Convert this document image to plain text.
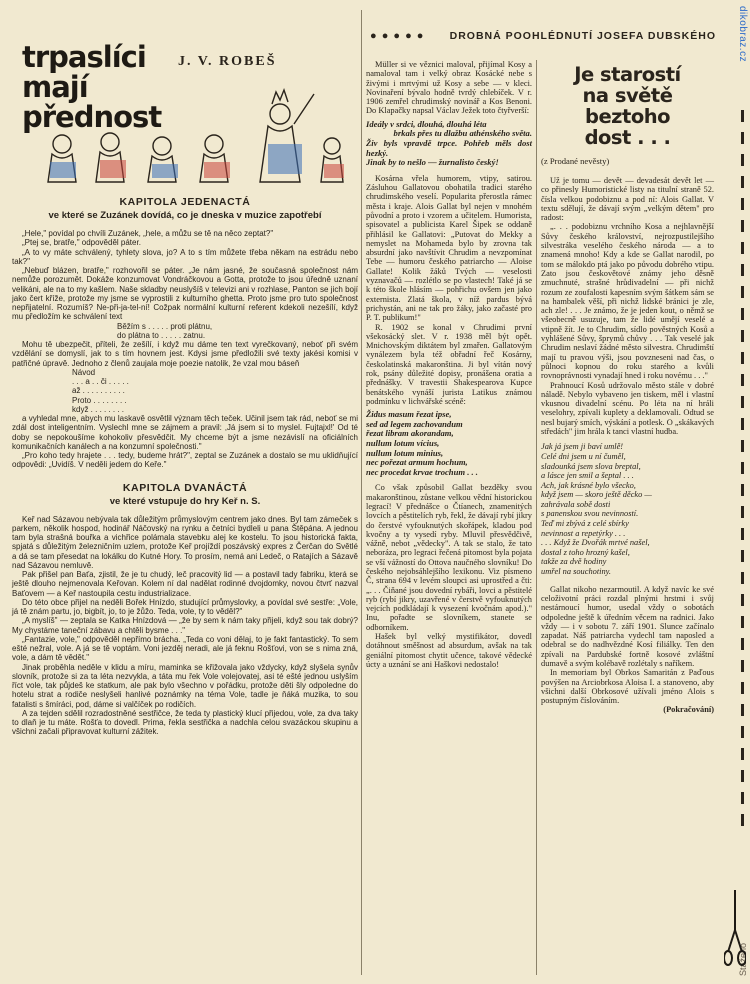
trpaslíci
mají přednost
J. V. ROBEŠ
KAPITOLA JEDENACTÁ
ve které se Zuzánek dovídá, co je dneska v muzice zapotřebí

„Hele," povídal po chvíli Zuzánek, „hele, a můžu se tě na něco zeptat?"

„Ptej se, bratře," odpověděl páter.

„A to vy máte schválený, tyhlety slova, jo? A to s tím můžete třeba někam na estrádu nebo tak?"

„Nebuď blázen, bratře," rozhovořil se páter. „Je nám jasné, že současná společnost nám nemůže porozumět. Dokáže konzumovat Vondráčkovou a Gotta, protože to jsou úředně uznaní velikáni, ale na to my kašlem. Naše skladby neuslyšíš v televizi ani v rozhlase, Panton se jich bojí jako čert kříže, protože my jsme se vyprostili z kulturního ghetta. Proto jsme pro tuto společnost nepřijatelní. Rozumíš? Ne-při-ja-tel-ní! Cožpak normální kulturní referent kdekoli nezešílí, když mu předložím ke schválení text

Běžím s . . . . . proti plátnu,
do plátna to . . . . . zatnu.

Mohu tě ubezpečit, příteli, že zešílí, i když mu dáme ten text vyrečkovaný, neboť při svém vzdělání se domyslí, jak to s tím hovnem jest. Kdysi jsme předložili své texty jakési komisi v patřičné úpravě. Jednoho z členů zaujala moje poezie natolik, že vzal mou báseň

Návod
. . . a . . či . . . . .
až . . . . . . . . . .
Proto . . . . . . . .
když . . . . . . . .

a vyhledal mne, abych mu laskavě osvětlil význam těch teček. Učinil jsem tak rád, neboť se mi zdál dost inteligentním. Vyslechl mne se zájmem a pravil: ‚Já jsem si to myslel. Fujtajxl!' Od té doby se nepokoušíme kohokoliv přesvědčit. My chceme být a jsme nezávislí na oficiálních komunikačních kanálech a na konzumní společnosti."

„Pro koho tedy hrajete . . . tedy, budeme hrát?", zeptal se Zuzánek a dostalo se mu uklidňující odpovědi: „Uvidíš. V neděli jedem do Keře."

KAPITOLA DVANÁCTÁ
ve které vstupuje do hry Keř n. S.

Keř nad Sázavou nebývala tak důležitým průmyslovým centrem jako dnes. Byl tam zámeček s parkem, několik hospod, hodinář Náčovský na rynku a četníci bydleli u pana Štěpána. A jednou tam byla strašná bouřka a vichřice polámala stavebku alej ke kostelu. To jsou historická fakta, spjatá s důležitým železničním uzlem, protože Keř projíždí poszávský expres z Čerčan do Světlé a dá se tam přesedat na lokálku do Kutné Hory. To prosím, nemá ani Ledeč, o Ratajích a Sázavě nad Sázavou nemluvě.

Pak přišel pan Baťa, zjistil, že je tu chudý, leč pracovitý lid — a postavil tady fabriku, která se ještě dlouho nejmenovala Keřovan. Kolem ní dal nadělat rodinné dvojdomky, novou čtvrť nazval Baťovem — a Keř nastoupila cestu industrializace.

Do této obce přijel na neděli Bořek Hnízdo, studující průmyslovky, a povídal své sestře: „Vole, já tě znám partu, jo, bigbít, jo, to je žůžo. Teda, vole, ty to věděl?"

„A myslíš" — zeptala se Katka Hnízdová — „že by sem k nám taky přijeli, když sou tak dobrý? My chystáme taneční zábavu a chtěli bysme . . ."

„Fantazie, vole," odpověděl nepřímo brácha. „Teda co voni dělaj, to je fakt fantastický. To sem ešté nežral, vole. A já se tě voptám. Voni jezděj neradi, ale já feknu Rošťovi, von se s nima zná, vole, a dám tě vědět."

Jinak proběhla neděle v klidu a míru, maminka se křižovala jako vždycky, když slyšela synův slovník, protože si za ta léta nezvykla, a táta mu řek Vole volejovatej, asi té ešté jednou uslyším říct vole, tak půjdeš ke statkum, ale pak bylo všechno v pořádku, protože děti šly odpoledne do hotelu strat a rodiče neslyšeli hanlivé poznámky na téma Vole, tadle je ňáká muzika, to sou fatalisti s šmíráci, pod, dáme si valčíček po rodičích.

A za tejden sdělil rozradostněné sestřičce, že teda ty plastický klucí přijedou, vole, za dva taky to dlaň je tu máte. Rošťa to dovedl. Prima, řekla sestřička a nadchla celou svazáckou skupinu a všichni začali připravovat kulturní zážitek.

● ● ● ● ● DROBNÁ POOHLÉDNUTÍ JOSEFA DUBSKÉHO

Müller si ve věznici maloval, přijímal Kosy a namaloval tam i velký obraz Kosácké nebe s živými i mrtvými už Kosy a sebe — v kleci. Novinaření bývalo hodně tvrdý chlebíček. V r. 1906 zemřel chrudimský novinář a Kos Benoni. Do Klapačky napsal Václav Ježek toto čtyřverší:

Ideály v srdci, dlouhá, dlouhá léta
brkals přes tu dlažbu athénského světa.
Živ byls vpravdě trpce. Pohřeb měls dost hezký.
Jinak by to nešlo — žurnalisto český!

Kosárna vřela humorem, vtipy, satirou. Zásluhou Gallatovou obohatila tradici starého chrudimského veselí. Popularita přerostla rámec města i kraje. Alois Gallat byl nejen v mnohém původní a proto i vzorem a učitelem. Humorista, spisovatel a publicista Karel Šipek se oddaně přihlásil ke Gallatovi: „Putovat do Mekky a nemyslet na Mohameda bylo by zrovna tak absurdní jako navštívit Chrudim a nevzpomínat Tebe — humoru českého patriarcho — Aloise Gallate! Kolik žáků Tvých — veselosti vyznavačů — rozlétlo se po vlastech! Také já se k této škole hlásím — pohřichu ovšem jen jako externista. Zlatá škola, v níž pardus bývá prichystán, ani ne tak pro žáky, jako začasté pro P. T. publikum!"

R. 1902 se konal v Chrudimi první všekosácký slet. V r. 1938 měl být opět. Mnichovským diktátem byl zmařen. Gallatovým vynálezem byla též obřadní řeč Kosárny, českolatinská makaronština. Ji byl vítán nový rok, psány důležité dopisy, pronášena oratia a přednášky. V travestii Shakespearova Kupce benátského vynáší jurista Latikus známou podmínku v lichvářské scéně:

Židus masum řezat ipse,
sed ad legem zachovandum
řezat libram akorandam,
nullum lotum vícius,
nullum lotum minius,
nec pořezat armum hochum,
nec procedat krvae trochum . . .

Co však způsobil Gallat bezděky svou makaronštinou, zůstane velkou vědní historickou legrací! V přednášce o Čtíanech, znamenitých lovcích a pěstitelích ryb, řekl, že dávají rybí jikry do čerstvé vyfouknutých skořápek, kladou pod kvočny a ty vysedí ryby. Mluvil přesvědčivě, vážně, nebot „vědecky". A tak se stalo, že tato neboráza, pro legraci řečená pitomost byla pojata se vší vážností do Ottova naučného slovníku! Do českého nejobsáhlejšího lexikonu. Viz písmeno Č, strana 694 v levém sloupci asi uprostřed a čti: „. . . Čiňané jsou dovední rybáři, lovci a pěstitelé ryb (rybí jikry, uzavřené v čerstvě vyfouknutých vejcích podkládají k vysezení kvočnám apod.)." Inu, pořadte se slovníkem, stanete se odborníkem.

Hašek byl velký mystifikátor, dovedl dotáhnout směšnost ad absurdum, avšak na tak geniální pitomost chytit učence, takové vědecké úcty a uznání se ani Haškovi nedostalo!

Je starostí
na světě
beztoho
dost . . .
(z Prodané nevěsty)

Už je tomu — devět — devadesát devět let — co přinesly Humoristické listy na titulní straně 52. čísla velkou podobiznu a pod ní: Alois Gallat. V textu sdělují, že dávají svým „velkým dětem" pro radost:

„. . . podobiznu vrchního Kosa a nejhlavnější Sůvy českého království, nejrozpustilejšího silvestráka veselého českého národa — a to znamená mnoho! Kdy a kde se Gallat narodil, po tom se málokdo ptá jako po původu dobrého vtipu. Zato jsou českovětové známy jeho děsně zmuchnuté, strašné hrůdivadelní — při nichž rozum ze zoufalosti kapesním svým šátkem sám se na hambalek věší, při nichž lidské bránici je zle, ach zle! . . . Je známo, že je jeden kout, o němž se všeobecně usuzuje, tam že lidé umějí veselé a vtipně žít. Je to Chrudim, sídlo pověstných Kosů a vyhlášené Sůvy, šprymů chůvy . . . Tak veselé jak Chrudim neslaví žádné město silvestra. Chrudimští mají tu pravou výši, jsou povzneseni nad čas, o půlnoci kopnou do roku starého a kvůli rovnoprávnosti vynadají hned i roku novému . . ."

Prahnoucí Kosů udržovalo město stále v dobré náladě. Nebylo vybaveno jen tiskem, měl i vlastní vkusnou divadelní scénu. Po léta na ní hráli veselohry, zpívali kuplety a deklamovali. Odtud se nesl bujarý smích, výskání a potlesk. O „skákavých středách" jim hrála k tanci vlastní hudba.

Jak já jsem ji baví umlě!
Celé dni jsem u ní čuměl,
sladounká jsem slova breptal,
a lásce jen smil a šeptal . . .
Ach, jak krásné bylo všecko,
když jsem — skoro ještě děcko —
zahrávala sobě dosti
s panenskou svou nevinností.
Teď mi zbývá z celé sbírky
nevinnost a repetýrky . . .
. . . Když že Dvořák mrtvé našel,
dostal z toho hrozný kašel,
takže za dvě hodiny
umřel na souchotiny.

Gallat nikoho nezarmoutil. A když navíc ke své celoživotní práci rozdal plnými hrstmi i svůj nestárnoucí humor, usedal vždy o sobotách odpoledne ještě k úředním věcem na radnici. Jako vždy — i v sobotu 7. září 1901. Slunce začínalo zapadat. Náš patriarcha vydechl tam naposled a odebral se do nadhvězdné Kosí filiálky. Ten den zpívali na Pardubské fortně kosové zvláštní dumavě a svým kolébavě rozlétaly s naříkem.

In memoriam byl Obrkos Samaritán z Paďous povýšen na Arciobrkosa Aloisa I. a stanoveno, aby všichni další Obrkosové užívali jméno Alois s postupným číslováním.

(Pokračování)
dikobraz.cz
Staženo
